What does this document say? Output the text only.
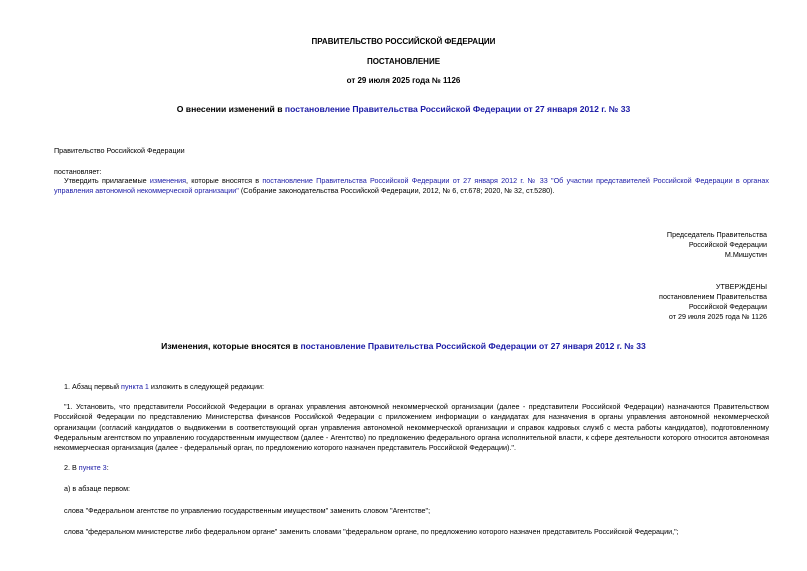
ПРАВИТЕЛЬСТВО РОССИЙСКОЙ ФЕДЕРАЦИИ
ПОСТАНОВЛЕНИЕ
от 29 июля 2025 года № 1126
О внесении изменений в постановление Правительства Российской Федерации от 27 января 2012 г. № 33
Правительство Российской Федерации
постановляет:
Утвердить прилагаемые изменения, которые вносятся в постановление Правительства Российской Федерации от 27 января 2012 г. № 33 "Об участии представителей Российской Федерации в органах управления автономной некоммерческой организации" (Собрание законодательства Российской Федерации, 2012, № 6, ст.678; 2020, № 32, ст.5280).
Председатель Правительства
Российской Федерации
М.Мишустин
УТВЕРЖДЕНЫ
постановлением Правительства
Российской Федерации
от 29 июля 2025 года № 1126
Изменения, которые вносятся в постановление Правительства Российской Федерации от 27 января 2012 г. № 33
1. Абзац первый пункта 1 изложить в следующей редакции:
"1. Установить, что представители Российской Федерации в органах управления автономной некоммерческой организации (далее - представители Российской Федерации) назначаются Правительством Российской Федерации по представлению Министерства финансов Российской Федерации с приложением информации о кандидатах для назначения в органы управления автономной некоммерческой организации (согласий кандидатов о выдвижении в соответствующий орган управления автономной некоммерческой организации и справок кадровых служб с места работы кандидатов), подготовленному Федеральным агентством по управлению государственным имуществом (далее - Агентство) по предложению федерального органа исполнительной власти, к сфере деятельности которого относится автономная некоммерческая организация (далее - федеральный орган, по предложению которого назначен представитель Российской Федерации).".
2. В пункте 3:
а) в абзаце первом:
слова "Федеральном агентстве по управлению государственным имуществом" заменить словом "Агентстве";
слова "федеральном министерстве либо федеральном органе" заменить словами "федеральном органе, по предложению которого назначен представитель Российской Федерации,";
